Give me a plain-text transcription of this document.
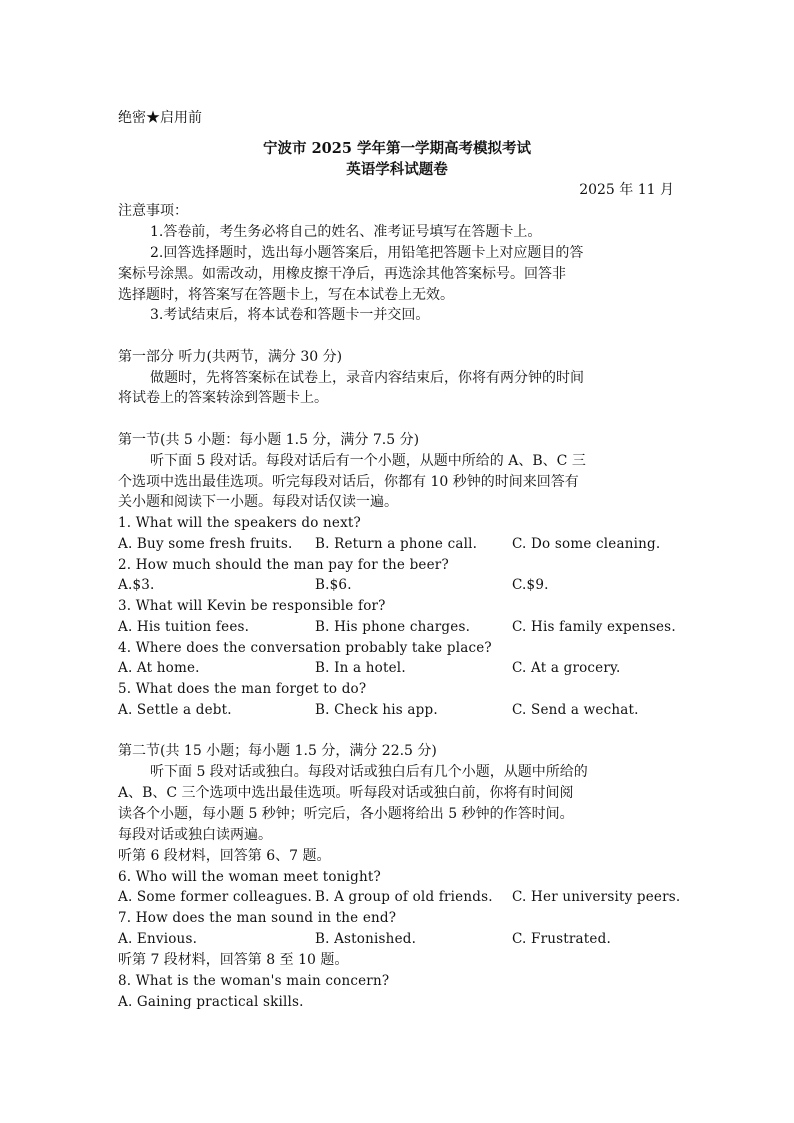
绝密★启用前
宁波市 2025 学年第一学期高考模拟考试
英语学科试题卷
2025 年 11 月
注意事项：
1.答卷前，考生务必将自己的姓名、准考证号填写在答题卡上。
2.回答选择题时，选出每小题答案后，用铅笔把答题卡上对应题目的答
案标号涂黑。如需改动，用橡皮擦干净后，再选涂其他答案标号。回答非
选择题时，将答案写在答题卡上，写在本试卷上无效。
3.考试结束后，将本试卷和答题卡一并交回。
第一部分 听力(共两节，满分 30 分)
做题时，先将答案标在试卷上，录音内容结束后，你将有两分钟的时间
将试卷上的答案转涂到答题卡上。
第一节(共 5 小题：每小题 1.5 分，满分 7.5 分)
听下面 5 段对话。每段对话后有一个小题，从题中所给的 A、B、C 三
个选项中选出最佳选项。听完每段对话后，你都有 10 秒钟的时间来回答有
关小题和阅读下一小题。每段对话仅读一遍。
1. What will the speakers do next?
A. Buy some fresh fruits. B. Return a phone call.	C. Do some cleaning.
2. How much should the man pay for the beer?
A.$3.	B.$6.	C.$9.
3. What will Kevin be responsible for?
A. His tuition fees.	B. His phone charges.	C. His family expenses.
4. Where does the conversation probably take place?
A. At home.	B. In a hotel.	C. At a grocery.
5. What does the man forget to do?
A. Settle a debt.	B. Check his app.	C. Send a wechat.
第二节(共 15 小题；每小题 1.5 分，满分 22.5 分)
听下面 5 段对话或独白。每段对话或独白后有几个小题，从题中所给的
A、B、C 三个选项中选出最佳选项。听每段对话或独白前，你将有时间阅
读各个小题，每小题 5 秒钟；听完后，各小题将给出 5 秒钟的作答时间。
每段对话或独白读两遍。
听第 6 段材料，回答第 6、7 题。
6. Who will the woman meet tonight?
A. Some former colleagues. B. A group of old friends. C. Her university peers.
7. How does the man sound in the end?
A. Envious.	B. Astonished.	C. Frustrated.
听第 7 段材料，回答第 8 至 10 题。
8. What is the woman's main concern?
A. Gaining practical skills.
